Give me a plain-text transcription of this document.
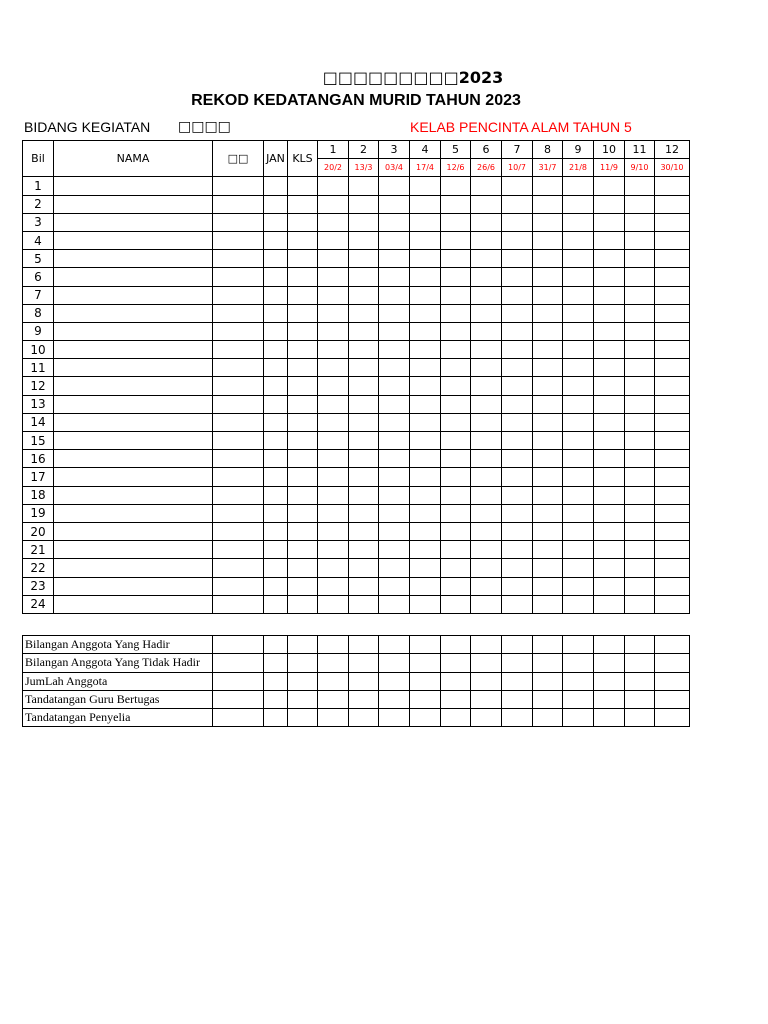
□□□□□□□□□2023
REKOD KEDATANGAN MURID TAHUN 2023
BIDANG KEGIATAN □□□□	KELAB PENCINTA ALAM TAHUN 5
Bil	NAMA	□□	JAN	KLS	1	2	3	4	5	6	7	8	9	10	11	12
					20/2	13/3	03/4	17/4	12/6	26/6	10/7	31/7	21/8	11/9	9/10	30/10
1																
2																
3																
4																
5																
6																
7																
8																
9																
10																
11																
12																
13																
14																
15																
16																
17																
18																
19																
20																
21																
22																
23																
24																
Bilangan Anggota Yang Hadir															

Bilangan Anggota Yang Tidak Hadir															

JumLah Anggota															

Tandatangan Guru Bertugas															

Tandatangan Penyelia															
